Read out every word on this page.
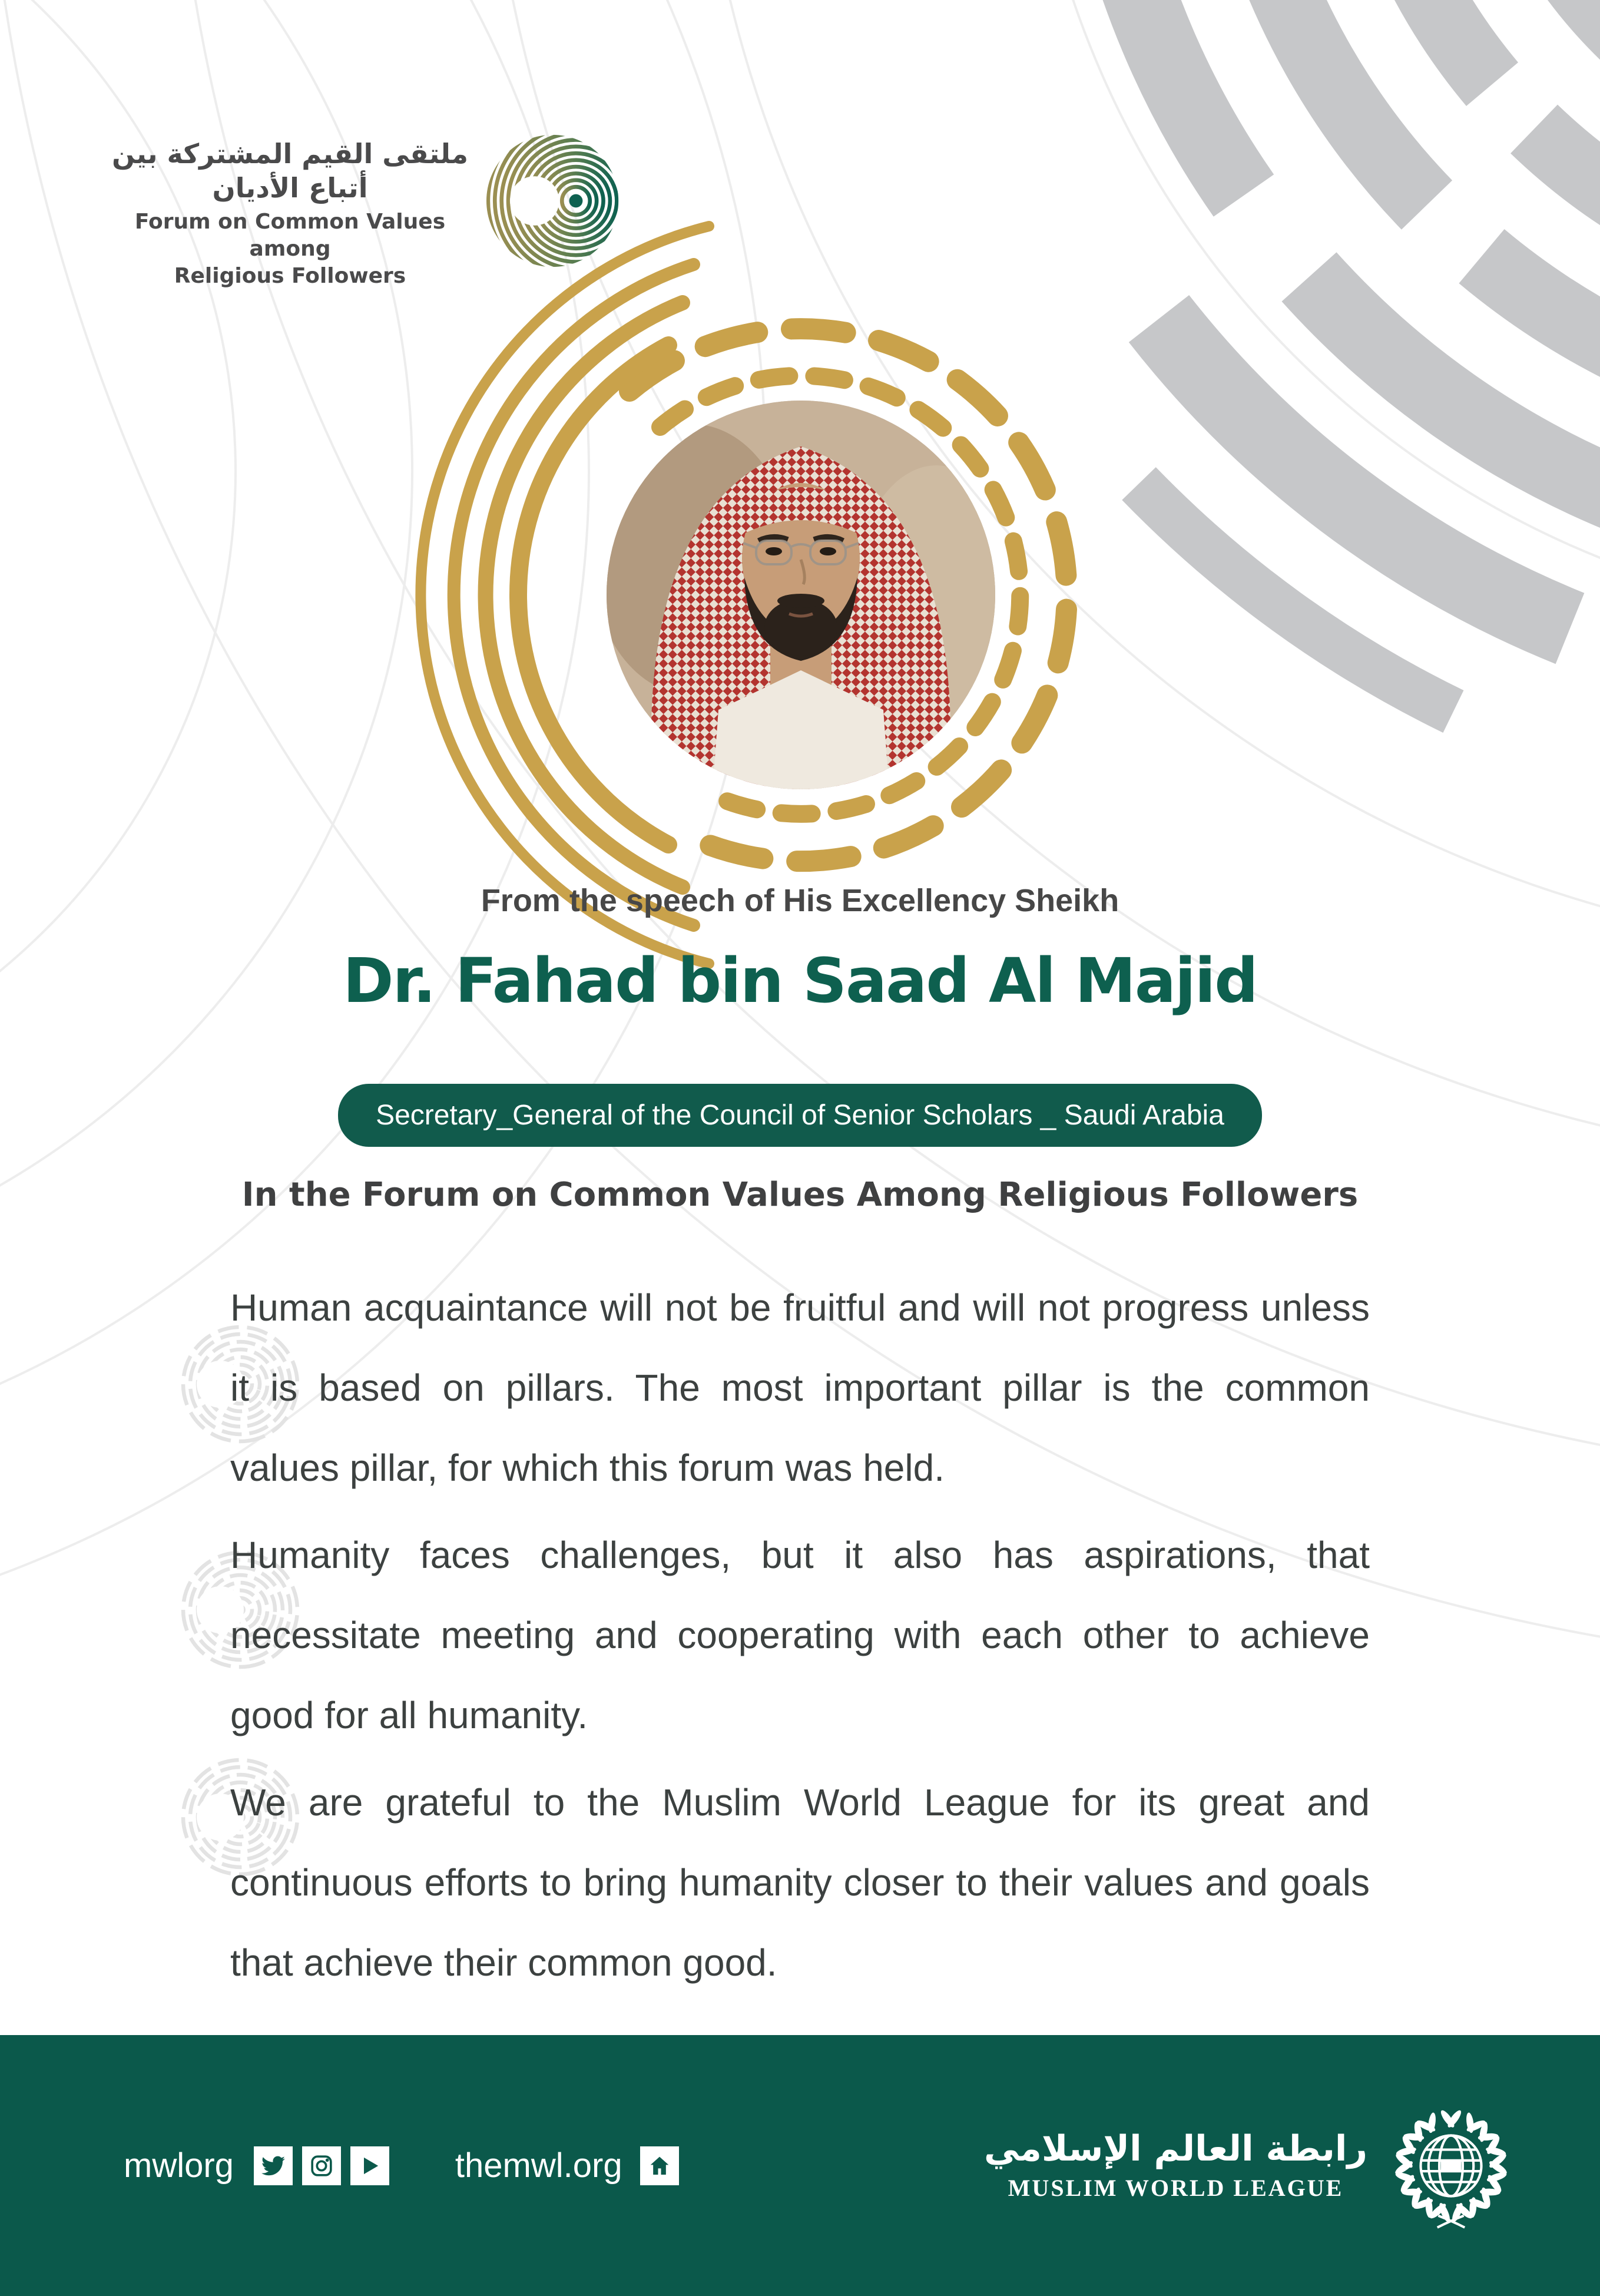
ملتقى القيم المشتركة بين أتباع الأديان
Forum on Common Values among
Religious Followers
From the speech of His Excellency Sheikh
Dr. Fahad bin Saad Al Majid
Secretary_General of the Council of Senior Scholars _ Saudi Arabia
In the Forum on Common Values Among Religious Followers

Human acquaintance will not be fruitful and will not progress unless it is based on pillars. The most important pillar is the common values pillar, for which this forum was held.

Humanity faces challenges, but it also has aspirations, that necessitate meeting and cooperating with each other to achieve good for all humanity.

We are grateful to the Muslim World League for its great and continuous efforts to bring humanity closer to their values and goals that achieve their common good.

mwlorg	themwl.org	رابطة العالم الإسلامي
MUSLIM WORLD LEAGUE
